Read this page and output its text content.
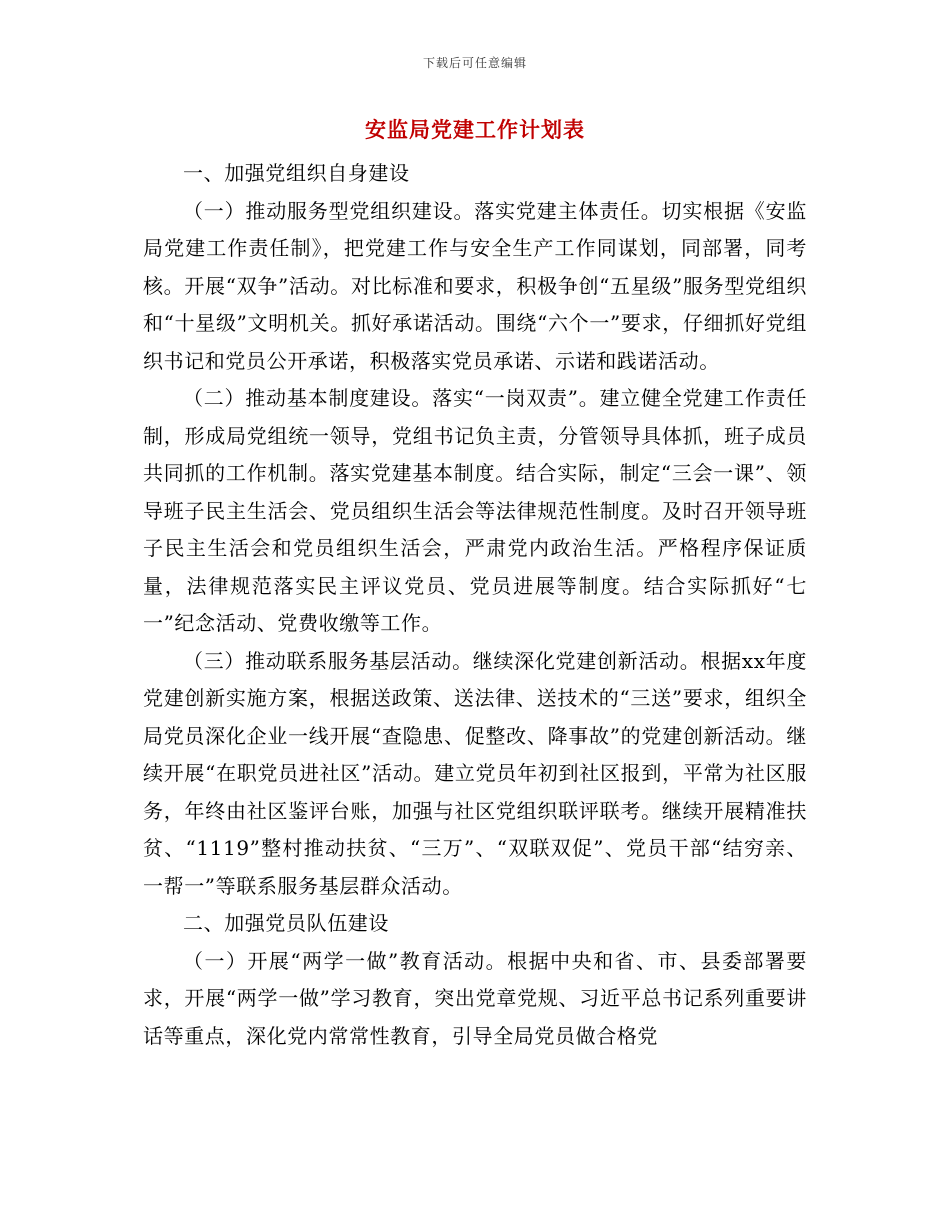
下载后可任意编辑
安监局党建工作计划表

一、加强党组织自身建设

（一）推动服务型党组织建设。落实党建主体责任。切实根据《安监局党建工作责任制》，把党建工作与安全生产工作同谋划，同部署，同考核。开展“双争”活动。对比标准和要求，积极争创“五星级”服务型党组织和“十星级”文明机关。抓好承诺活动。围绕“六个一”要求，仔细抓好党组织书记和党员公开承诺，积极落实党员承诺、示诺和践诺活动。

（二）推动基本制度建设。落实“一岗双责”。建立健全党建工作责任制，形成局党组统一领导，党组书记负主责，分管领导具体抓，班子成员共同抓的工作机制。落实党建基本制度。结合实际，制定“三会一课”、领导班子民主生活会、党员组织生活会等法律规范性制度。及时召开领导班子民主生活会和党员组织生活会，严肃党内政治生活。严格程序保证质量，法律规范落实民主评议党员、党员进展等制度。结合实际抓好“七一”纪念活动、党费收缴等工作。

（三）推动联系服务基层活动。继续深化党建创新活动。根据xx年度党建创新实施方案，根据送政策、送法律、送技术的“三送”要求，组织全局党员深化企业一线开展“查隐患、促整改、降事故”的党建创新活动。继续开展“在职党员进社区”活动。建立党员年初到社区报到，平常为社区服务，年终由社区鉴评台账，加强与社区党组织联评联考。继续开展精准扶贫、“1119”整村推动扶贫、“三万”、“双联双促”、党员干部“结穷亲、一帮一”等联系服务基层群众活动。

二、加强党员队伍建设

（一）开展“两学一做”教育活动。根据中央和省、市、县委部署要求，开展“两学一做”学习教育，突出党章党规、习近平总书记系列重要讲话等重点，深化党内常常性教育，引导全局党员做合格党
